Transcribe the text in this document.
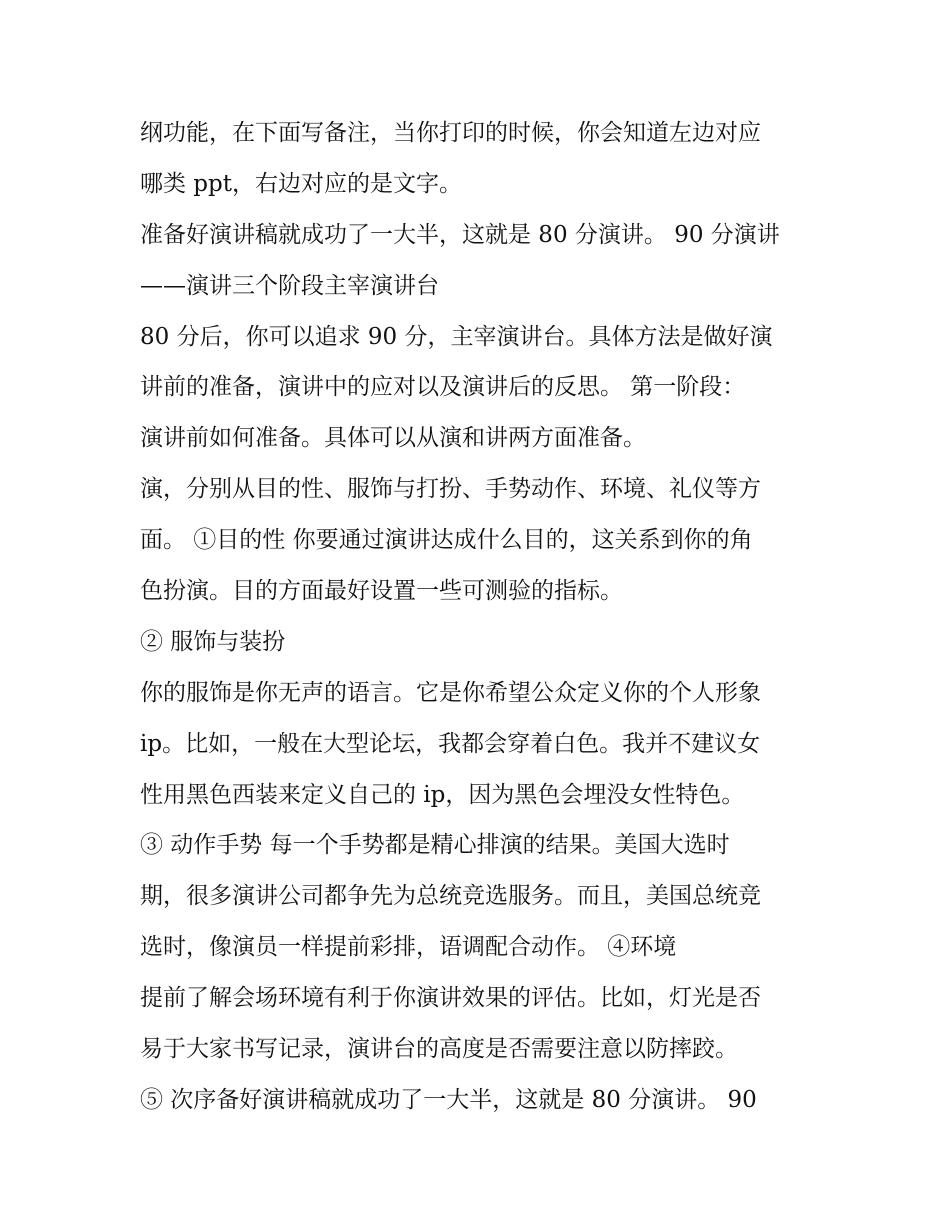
纲功能，在下面写备注，当你打印的时候，你会知道左边对应
哪类 ppt，右边对应的是文字。
准备好演讲稿就成功了一大半，这就是 80 分演讲。 90 分演讲
——演讲三个阶段主宰演讲台
80 分后，你可以追求 90 分，主宰演讲台。具体方法是做好演
讲前的准备，演讲中的应对以及演讲后的反思。 第一阶段：
演讲前如何准备。具体可以从演和讲两方面准备。
演，分别从目的性、服饰与打扮、手势动作、环境、礼仪等方
面。 ①目的性 你要通过演讲达成什么目的，这关系到你的角
色扮演。目的方面最好设置一些可测验的指标。
② 服饰与装扮
你的服饰是你无声的语言。它是你希望公众定义你的个人形象
ip。比如，一般在大型论坛，我都会穿着白色。我并不建议女
性用黑色西装来定义自己的 ip，因为黑色会埋没女性特色。
③ 动作手势 每一个手势都是精心排演的结果。美国大选时
期，很多演讲公司都争先为总统竞选服务。而且，美国总统竞
选时，像演员一样提前彩排，语调配合动作。 ④环境
提前了解会场环境有利于你演讲效果的评估。比如，灯光是否
易于大家书写记录，演讲台的高度是否需要注意以防摔跤。
⑤ 次序备好演讲稿就成功了一大半，这就是 80 分演讲。 90
